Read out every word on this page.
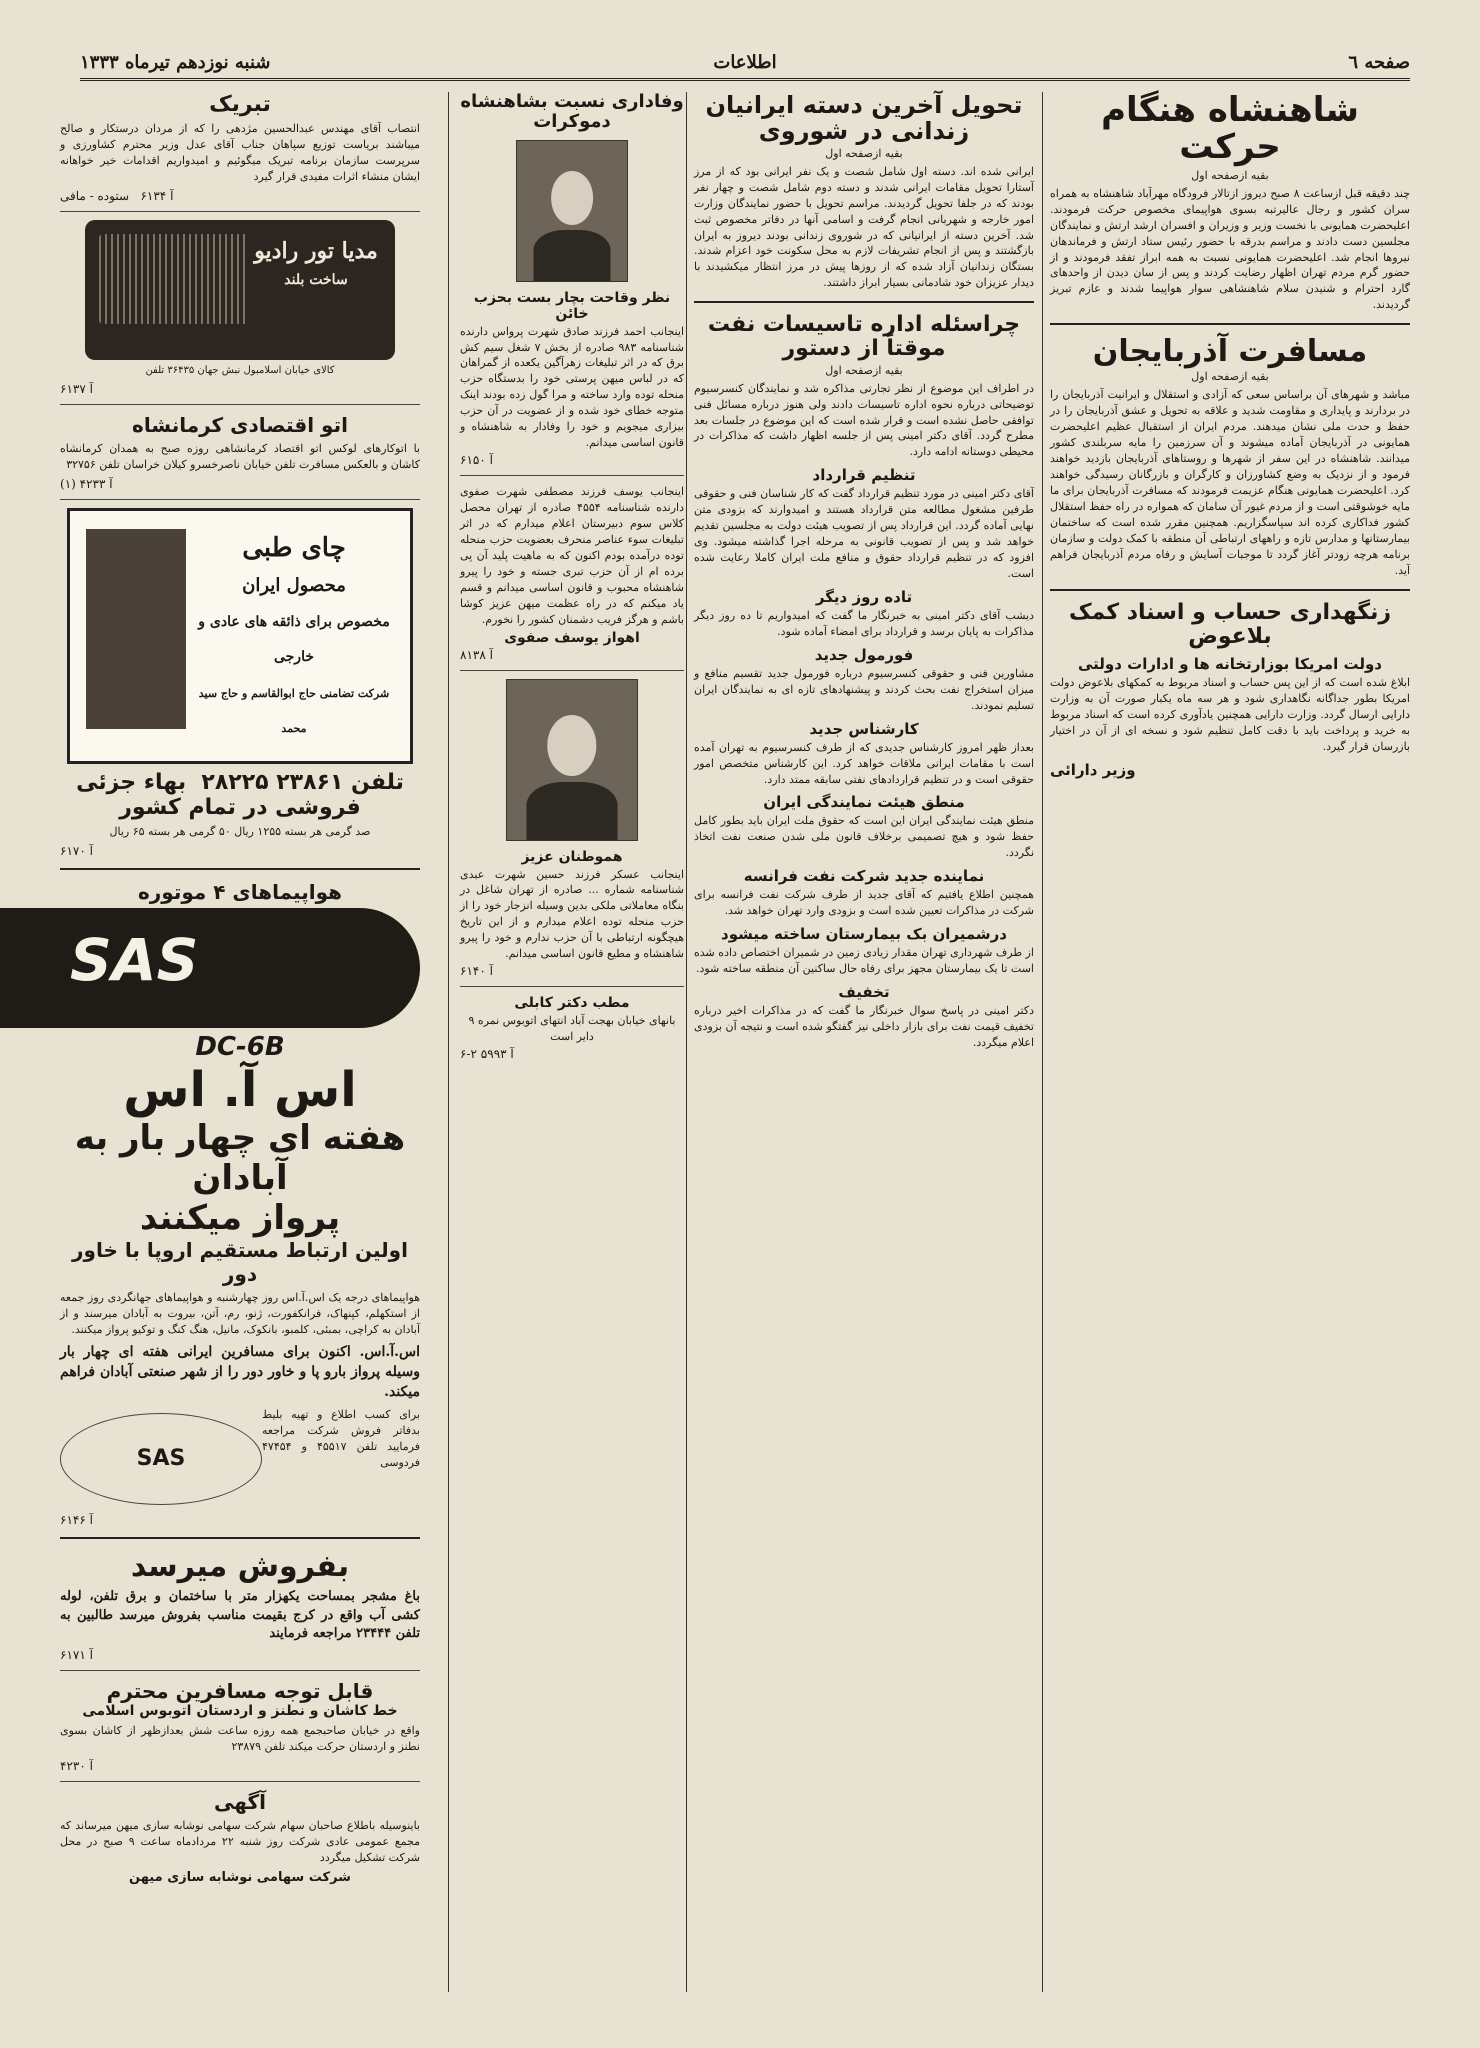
صفحه ٦
اطلاعات
شنبه نوزدهم تیرماه ۱۳۳۳
شاهنشاه هنگام حرکت

بقیه ازصفحه اول

چند دقیقه قبل ازساعت ۸ صبح دیروز ازتالار فرودگاه مهرآباد شاهنشاه به همراه سران کشور و رجال عالیرتبه بسوی هواپیمای مخصوص حرکت فرمودند. اعلیحضرت همایونی با نخست وزیر و وزیران و افسران ارشد ارتش و نمایندگان مجلسین دست دادند و مراسم بدرقه با حضور رئیس ستاد ارتش و فرماندهان نیروها انجام شد. اعلیحضرت همایونی نسبت به همه ابراز تفقد فرمودند و از حضور گرم مردم تهران اظهار رضایت کردند و پس از سان دیدن از واحدهای گارد احترام و شنیدن سلام شاهنشاهی سوار هواپیما شدند و عازم تبریز گردیدند.

مسافرت آذربایجان

بقیه ازصفحه اول

مباشد و شهرهای آن براساس سعی که آزادی و استقلال و ایرانیت آذربایجان را در بردارند و پایداری و مقاومت شدید و علاقه به تحویل و عشق آذربایجان را در حفظ و حدت ملی نشان میدهند. مردم ایران از استقبال عظیم اعلیحضرت همایونی در آذربایجان آماده میشوند و آن سرزمین را مایه سربلندی کشور میدانند. شاهنشاه در این سفر از شهرها و روستاهای آذربایجان بازدید خواهند فرمود و از نزدیک به وضع کشاورزان و کارگران و بازرگانان رسیدگی خواهند کرد. اعلیحضرت همایونی هنگام عزیمت فرمودند که مسافرت آذربایجان برای ما مایه خوشوقتی است و از مردم غیور آن سامان که همواره در راه حفظ استقلال کشور فداکاری کرده اند سپاسگزاریم. همچنین مقرر شده است که ساختمان بیمارستانها و مدارس تازه و راههای ارتباطی آن منطقه با کمک دولت و سازمان برنامه هرچه زودتر آغاز گردد تا موجبات آسایش و رفاه مردم آذربایجان فراهم آید.

زنگهداری حساب و اسناد کمک بلاعوض

دولت امریکا بوزارتخانه ها و ادارات دولتی

ابلاغ شده است که از این پس حساب و اسناد مربوط به کمکهای بلاعوض دولت امریکا بطور جداگانه نگاهداری شود و هر سه ماه یکبار صورت آن به وزارت دارایی ارسال گردد. وزارت دارایی همچنین یادآوری کرده است که اسناد مربوط به خرید و پرداخت باید با دقت کامل تنظیم شود و نسخه ای از آن در اختیار بازرسان قرار گیرد.

وزیر دارائی

تحویل آخرین دسته ایرانیان زندانی در شوروی

بقیه ازصفحه اول

ایرانی شده اند. دسته اول شامل شصت و یک نفر ایرانی بود که از مرز آستارا تحویل مقامات ایرانی شدند و دسته دوم شامل شصت و چهار نفر بودند که در جلفا تحویل گردیدند. مراسم تحویل با حضور نمایندگان وزارت امور خارجه و شهربانی انجام گرفت و اسامی آنها در دفاتر مخصوص ثبت شد. آخرین دسته از ایرانیانی که در شوروی زندانی بودند دیروز به ایران بازگشتند و پس از انجام تشریفات لازم به محل سکونت خود اعزام شدند. بستگان زندانیان آزاد شده که از روزها پیش در مرز انتظار میکشیدند با دیدار عزیزان خود شادمانی بسیار ابراز داشتند.

چراسئله اداره تاسیسات نفت موقتاً از دستور

بقیه ازصفحه اول

در اطراف این موضوع از نظر تجارتی مذاکره شد و نمایندگان کنسرسیوم توضیحاتی درباره نحوه اداره تاسیسات دادند ولی هنوز درباره مسائل فنی توافقی حاصل نشده است و قرار شده است که این موضوع در جلسات بعد مطرح گردد. آقای دکتر امینی پس از جلسه اظهار داشت که مذاکرات در محیطی دوستانه ادامه دارد.

تنظیم قرارداد

آقای دکتر امینی در مورد تنظیم قرارداد گفت که کار شناسان فنی و حقوقی طرفین مشغول مطالعه متن قرارداد هستند و امیدوارند که بزودی متن نهایی آماده گردد. این قرارداد پس از تصویب هیئت دولت به مجلسین تقدیم خواهد شد و پس از تصویب قانونی به مرحله اجرا گذاشته میشود. وی افزود که در تنظیم قرارداد حقوق و منافع ملت ایران کاملا رعایت شده است.

تاده روز دیگر

دیشب آقای دکتر امینی به خبرنگار ما گفت که امیدواریم تا ده روز دیگر مذاکرات به پایان برسد و قرارداد برای امضاء آماده شود.

فورمول جدید

مشاورین فنی و حقوقی کنسرسیوم درباره فورمول جدید تقسیم منافع و میزان استخراج نفت بحث کردند و پیشنهادهای تازه ای به نمایندگان ایران تسلیم نمودند.

کارشناس جدید

بعداز ظهر امروز کارشناس جدیدی که از طرف کنسرسیوم به تهران آمده است با مقامات ایرانی ملاقات خواهد کرد. این کارشناس متخصص امور حقوقی است و در تنظیم قراردادهای نفتی سابقه ممتد دارد.

منطق هیئت نمایندگی ایران

منطق هیئت نمایندگی ایران این است که حقوق ملت ایران باید بطور کامل حفظ شود و هیچ تصمیمی برخلاف قانون ملی شدن صنعت نفت اتخاذ نگردد.

نماینده جدید شرکت نفت فرانسه

همچنین اطلاع یافتیم که آقای جدید از طرف شرکت نفت فرانسه برای شرکت در مذاکرات تعیین شده است و بزودی وارد تهران خواهد شد.

درشمیران بک بیمارستان ساخته میشود

از طرف شهرداری تهران مقدار زیادی زمین در شمیران اختصاص داده شده است تا یک بیمارستان مجهز برای رفاه حال ساکنین آن منطقه ساخته شود.

تخفیف

دکتر امینی در پاسخ سوال خبرنگار ما گفت که در مذاکرات اخیر درباره تخفیف قیمت نفت برای بازار داخلی نیز گفتگو شده است و نتیجه آن بزودی اعلام میگردد.

وفاداری نسبت بشاهنشاه دموکرات

نظر وقاحت بچار بست بحزب خائن

اینجانب احمد فرزند صادق شهرت پرواس دارنده شناسنامه ۹۸۳ صادره از بخش ۷ شغل سیم کش برق که در اثر تبلیغات زهرآگین یکعده از گمراهان که در لباس میهن پرستی خود را بدستگاه حزب منحله توده وارد ساخته و مرا گول زده بودند اینک متوجه خطای خود شده و از عضویت در آن حزب بیزاری میجویم و خود را وفادار به شاهنشاه و قانون اساسی میدانم.

آ ۶۱۵۰

اینجانب یوسف فرزند مصطفی شهرت صفوی دارنده شناسنامه ۴۵۵۴ صادره از تهران محصل کلاس سوم دبیرستان اعلام میدارم که در اثر تبلیغات سوء عناصر منحرف بعضویت حزب منحله توده درآمده بودم اکنون که به ماهیت پلید آن پی برده ام از آن حزب تبری جسته و خود را پیرو شاهنشاه محبوب و قانون اساسی میدانم و قسم یاد میکنم که در راه عظمت میهن عزیز کوشا باشم و هرگز فریب دشمنان کشور را نخورم.

اهواز یوسف صفوی

آ ۸۱۳۸

هموطنان عزیز

اینجانب عسکر فرزند حسین شهرت عبدی شناسنامه شماره ... صادره از تهران شاغل در بنگاه معاملاتی ملکی بدین وسیله انزجار خود را از حزب منحله توده اعلام میدارم و از این تاریخ هیچگونه ارتباطی با آن حزب ندارم و خود را پیرو شاهنشاه و مطیع قانون اساسی میدانم.

آ ۶۱۴۰

مطب دکتر کابلی

بانهای خیابان بهجت آباد انتهای اتوبوس نمره ۹ دایر است

آ ۵۹۹۳ ۲-۶

تبریک

انتصاب آقای مهندس عبدالحسین مژدهی را که از مردان درستکار و صالح میباشند بریاست توزیع سپاهان جناب آقای عدل وزیر محترم کشاورزی و سرپرست سازمان برنامه تبریک میگوئیم و امیدواریم اقدامات خیر خواهانه ایشان منشاء اثرات مفیدی قرار گیرد

آ ۶۱۳۴   ستوده - مافی

مدیا تور رادیو
ساخت بلند

کالای خیابان اسلامبول نبش جهان ۳۶۴۳۵ تلفن

آ ۶۱۳۷

اتو اقتصادی کرمانشاه

با اتوکارهای لوکس اتو اقتصاد کرمانشاهی روزه صبح به همدان کرمانشاه کاشان و بالعکس مسافرت تلفن خیابان ناصرخسرو کیلان خراسان تلفن ۳۲۷۵۶

آ ۴۲۳۳ (۱)

چای طبی
محصول ایران
مخصوص برای ذائقه های عادی و خارجی
شرکت تضامنی حاج ابوالقاسم و حاج سید محمد

تلفن ۲۳۸۶۱ ۲۸۲۲۵  بهاء جزئی فروشی در تمام کشور

صد گرمی هر بسته ۱۲۵۵ ریال ۵۰ گرمی هر بسته ۶۵ ریال

آ ۶۱۷۰

هواپیماهای ۴ موتوره

SAS

DC-6B

اس آ. اس

هفته ای چهار بار به آبادان

پرواز میکنند

اولین ارتباط مستقیم اروپا با خاور دور

هواپیماهای درجه یک اس.آ.اس روز چهارشنبه و هواپیماهای جهانگردی روز جمعه از استکهلم، کپنهاک، فرانکفورت، ژنو، رم، آتن، بیروت به آبادان میرسند و از آبادان به کراچی، بمبئی، کلمبو، بانکوک، مانیل، هنگ کنگ و توکیو پرواز میکنند.

اس.آ.اس. اکنون برای مسافرین ایرانی هفته ای چهار بار وسیله پرواز بارو پا و خاور دور را از شهر صنعتی آبادان فراهم میکند.

SAS

برای کسب اطلاع و تهیه بلیط بدفاتر فروش شرکت مراجعه فرمایید تلفن ۴۵۵۱۷ و ۴۷۴۵۴ فردوسی

آ ۶۱۴۶

بفروش میرسد

باغ مشجر بمساحت یکهزار متر با ساختمان و برق تلفن، لوله کشی آب واقع در کرج بقیمت مناسب بفروش میرسد طالبین به تلفن ۲۳۴۴۴ مراجعه فرمایند

آ ۶۱۷۱

قابل توجه مسافرین محترم

خط کاشان و نطنز و اردستان اتوبوس اسلامی

واقع در خیابان صاحبجمع همه روزه ساعت شش بعدازظهر از کاشان بسوی نطنز و اردستان حرکت میکند تلفن ۲۳۸۷۹

آ ۴۲۳۰

آگهی

باینوسیله باطلاع صاحبان سهام شرکت سهامی نوشابه سازی میهن میرساند که مجمع عمومی عادی شرکت روز شنبه ۲۲ مردادماه ساعت ۹ صبح در محل شرکت تشکیل میگردد

شرکت سهامی نوشابه سازی میهن
